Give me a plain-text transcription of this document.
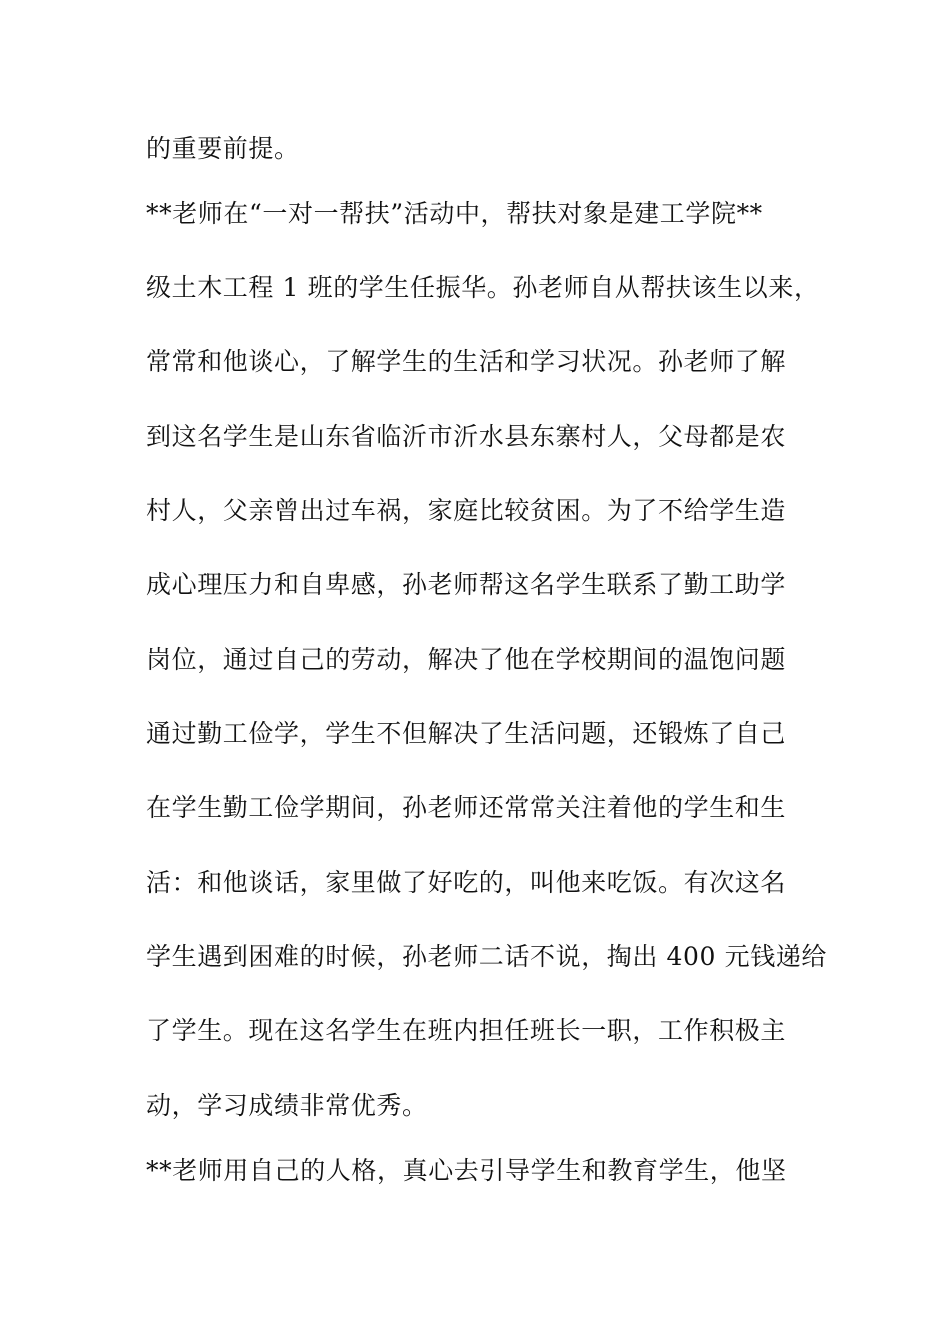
的重要前提。
**老师在“一对一帮扶”活动中，帮扶对象是建工学院**
级土木工程 1 班的学生任振华。孙老师自从帮扶该生以来，
常常和他谈心，了解学生的生活和学习状况。孙老师了解
到这名学生是山东省临沂市沂水县东寨村人，父母都是农
村人，父亲曾出过车祸，家庭比较贫困。为了不给学生造
成心理压力和自卑感，孙老师帮这名学生联系了勤工助学
岗位，通过自己的劳动，解决了他在学校期间的温饱问题
通过勤工俭学，学生不但解决了生活问题，还锻炼了自己
在学生勤工俭学期间，孙老师还常常关注着他的学生和生
活：和他谈话，家里做了好吃的，叫他来吃饭。有次这名
学生遇到困难的时候，孙老师二话不说，掏出 400 元钱递给
了学生。现在这名学生在班内担任班长一职，工作积极主
动，学习成绩非常优秀。
**老师用自己的人格，真心去引导学生和教育学生，他坚
